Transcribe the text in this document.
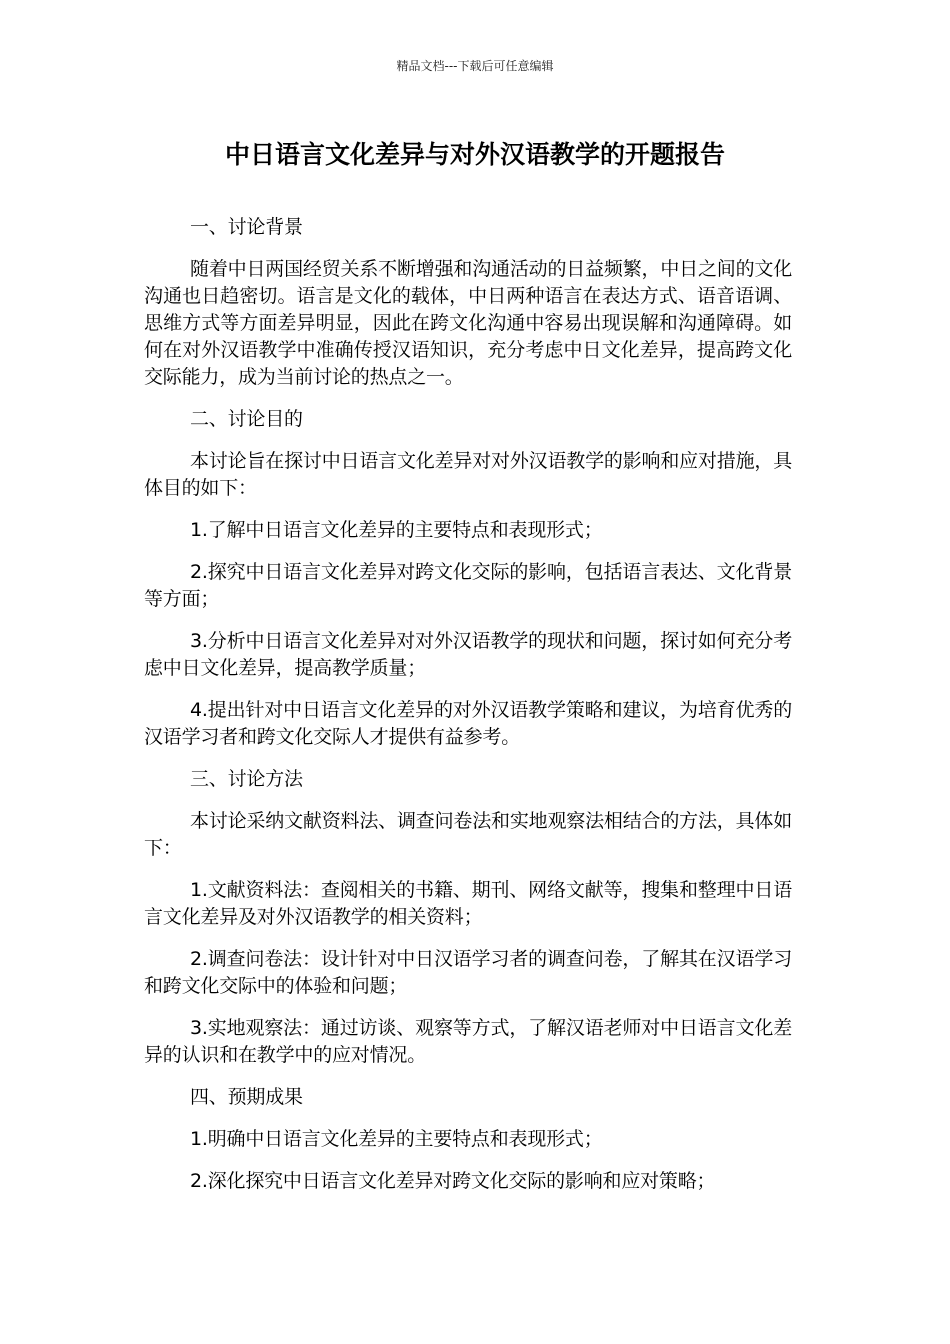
精品文档---下载后可任意编辑
中日语言文化差异与对外汉语教学的开题报告

一、讨论背景

随着中日两国经贸关系不断增强和沟通活动的日益频繁，中日之间的文化沟通也日趋密切。语言是文化的载体，中日两种语言在表达方式、语音语调、思维方式等方面差异明显，因此在跨文化沟通中容易出现误解和沟通障碍。如何在对外汉语教学中准确传授汉语知识，充分考虑中日文化差异，提高跨文化交际能力，成为当前讨论的热点之一。

二、讨论目的

本讨论旨在探讨中日语言文化差异对对外汉语教学的影响和应对措施，具体目的如下：

1.了解中日语言文化差异的主要特点和表现形式；

2.探究中日语言文化差异对跨文化交际的影响，包括语言表达、文化背景等方面；

3.分析中日语言文化差异对对外汉语教学的现状和问题，探讨如何充分考虑中日文化差异，提高教学质量；

4.提出针对中日语言文化差异的对外汉语教学策略和建议，为培育优秀的汉语学习者和跨文化交际人才提供有益参考。

三、讨论方法

本讨论采纳文献资料法、调查问卷法和实地观察法相结合的方法，具体如下：

1.文献资料法：查阅相关的书籍、期刊、网络文献等，搜集和整理中日语言文化差异及对外汉语教学的相关资料；

2.调查问卷法：设计针对中日汉语学习者的调查问卷，了解其在汉语学习和跨文化交际中的体验和问题；

3.实地观察法：通过访谈、观察等方式，了解汉语老师对中日语言文化差异的认识和在教学中的应对情况。

四、预期成果

1.明确中日语言文化差异的主要特点和表现形式；

2.深化探究中日语言文化差异对跨文化交际的影响和应对策略；
